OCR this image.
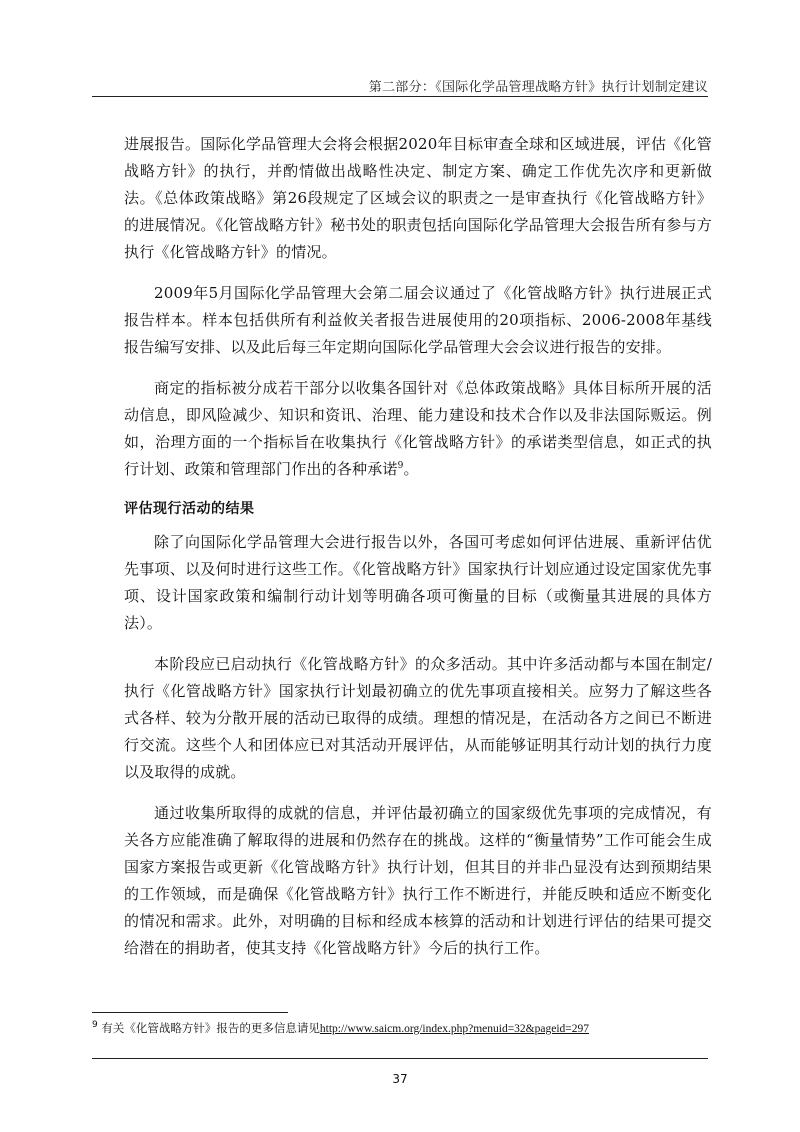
第二部分：《国际化学品管理战略方针》执行计划制定建议

进展报告。国际化学品管理大会将会根据2020年目标审查全球和区域进展，评估《化管战略方针》的执行，并酌情做出战略性决定、制定方案、确定工作优先次序和更新做法。《总体政策战略》第26段规定了区域会议的职责之一是审查执行《化管战略方针》的进展情况。《化管战略方针》秘书处的职责包括向国际化学品管理大会报告所有参与方执行《化管战略方针》的情况。

2009年5月国际化学品管理大会第二届会议通过了《化管战略方针》执行进展正式报告样本。样本包括供所有利益攸关者报告进展使用的20项指标、2006-2008年基线报告编写安排、以及此后每三年定期向国际化学品管理大会会议进行报告的安排。

商定的指标被分成若干部分以收集各国针对《总体政策战略》具体目标所开展的活动信息，即风险减少、知识和资讯、治理、能力建设和技术合作以及非法国际贩运。例如，治理方面的一个指标旨在收集执行《化管战略方针》的承诺类型信息，如正式的执行计划、政策和管理部门作出的各种承诺$^9$。

评估现行活动的结果

除了向国际化学品管理大会进行报告以外，各国可考虑如何评估进展、重新评估优先事项、以及何时进行这些工作。《化管战略方针》国家执行计划应通过设定国家优先事项、设计国家政策和编制行动计划等明确各项可衡量的目标（或衡量其进展的具体方法）。

本阶段应已启动执行《化管战略方针》的众多活动。其中许多活动都与本国在制定/执行《化管战略方针》国家执行计划最初确立的优先事项直接相关。应努力了解这些各式各样、较为分散开展的活动已取得的成绩。理想的情况是，在活动各方之间已不断进行交流。这些个人和团体应已对其活动开展评估，从而能够证明其行动计划的执行力度以及取得的成就。

通过收集所取得的成就的信息，并评估最初确立的国家级优先事项的完成情况，有关各方应能准确了解取得的进展和仍然存在的挑战。这样的“衡量情势”工作可能会生成国家方案报告或更新《化管战略方针》执行计划，但其目的并非凸显没有达到预期结果的工作领域，而是确保《化管战略方针》执行工作不断进行，并能反映和适应不断变化的情况和需求。此外，对明确的目标和经成本核算的活动和计划进行评估的结果可提交给潜在的捐助者，使其支持《化管战略方针》今后的执行工作。

$^9$ 有关《化管战略方针》报告的更多信息请见http://www.saicm.org/index.php?menuid=32&pageid=297
37
